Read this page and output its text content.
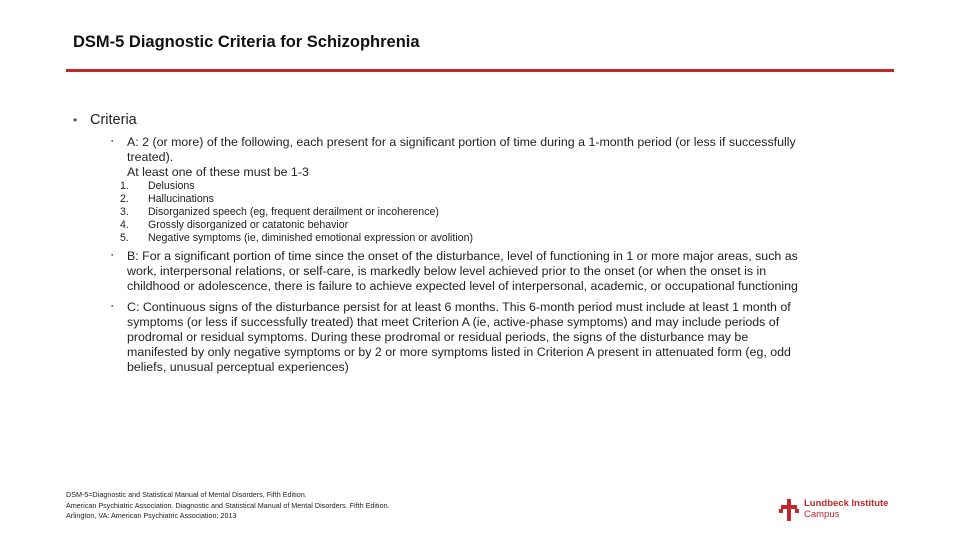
DSM-5 Diagnostic Criteria for Schizophrenia
• Criteria
▪ A: 2 (or more) of the following, each present for a significant portion of time during a 1-month period (or less if successfully
treated).
At least one of these must be 1-3
1.	Delusions
2.	Hallucinations
3.	Disorganized speech (eg, frequent derailment or incoherence)
4.	Grossly disorganized or catatonic behavior
5.	Negative symptoms (ie, diminished emotional expression or avolition)
▪ B: For a significant portion of time since the onset of the disturbance, level of functioning in 1 or more major areas, such as
work, interpersonal relations, or self-care, is markedly below level achieved prior to the onset (or when the onset is in
childhood or adolescence, there is failure to achieve expected level of interpersonal, academic, or occupational functioning
▪ C: Continuous signs of the disturbance persist for at least 6 months. This 6-month period must include at least 1 month of
symptoms (or less if successfully treated) that meet Criterion A (ie, active-phase symptoms) and may include periods of
prodromal or residual symptoms. During these prodromal or residual periods, the signs of the disturbance may be
manifested by only negative symptoms or by 2 or more symptoms listed in Criterion A present in attenuated form (eg, odd
beliefs, unusual perceptual experiences)
DSM-5=Diagnostic and Statistical Manual of Mental Disorders, Fifth Edition.
American Psychiatric Association. Diagnostic and Statistical Manual of Mental Disorders. Fifth Edition.
Arlington, VA: American Psychiatric Association; 2013
Lundbeck Institute
Campus
